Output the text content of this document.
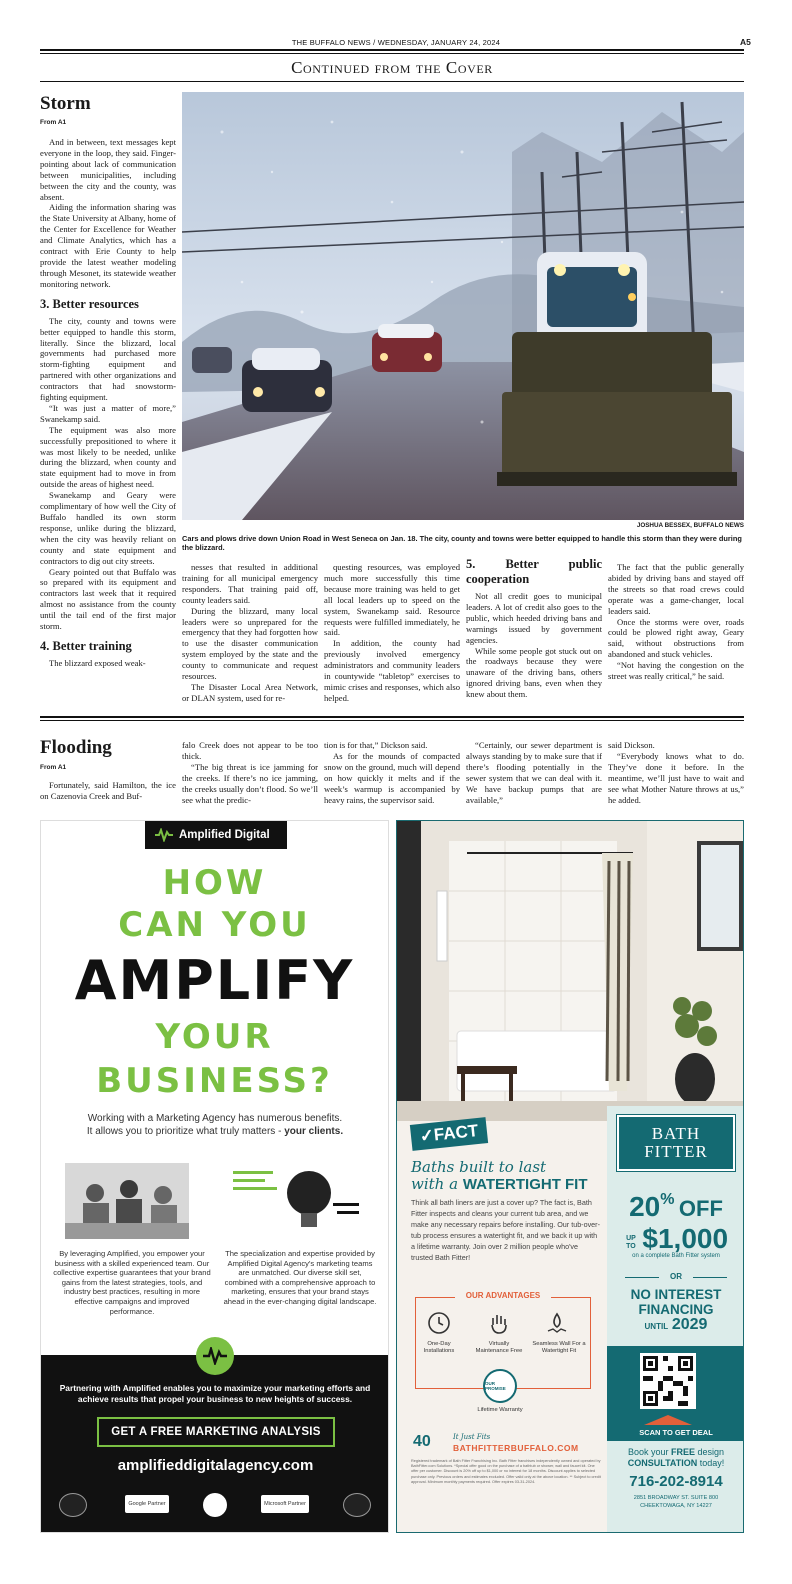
THE BUFFALO NEWS / WEDNESDAY, JANUARY 24, 2024	A5
Continued from the Cover
Storm
From A1

And in between, text messages kept everyone in the loop, they said. Finger-pointing about lack of communication between municipalities, including between the city and the county, was absent.

Aiding the information sharing was the State University at Albany, home of the Center for Excellence for Weather and Climate Analytics, which has a contract with Erie County to help provide the latest weather modeling through Mesonet, its statewide weather monitoring network.

3. Better resources

The city, county and towns were better equipped to handle this storm, literally. Since the blizzard, local governments had purchased more storm-fighting equipment and partnered with other organizations and contractors that had snowstorm-fighting equipment.

“It was just a matter of more,” Swanekamp said.

The equipment was also more successfully prepositioned to where it was most likely to be needed, unlike during the blizzard, when county and state equipment had to move in from outside the areas of highest need.

Swanekamp and Geary were complimentary of how well the City of Buffalo handled its own storm response, unlike during the blizzard, when the city was heavily reliant on county and state equipment and contractors to dig out city streets.

Geary pointed out that Buffalo was so prepared with its equipment and contractors last week that it required almost no assistance from the county until the tail end of the first major storm.

4. Better training

The blizzard exposed weak-

JOSHUA BESSEX, BUFFALO NEWS
Cars and plows drive down Union Road in West Seneca on Jan. 18. The city, county and towns were better equipped to handle this storm than they were during the blizzard.

nesses that resulted in additional training for all municipal emergency responders. That training paid off, county leaders said.

During the blizzard, many local leaders were so unprepared for the emergency that they had forgotten how to use the disaster communication system employed by the state and the county to communicate and request resources.

The Disaster Local Area Network, or DLAN system, used for re-

questing resources, was employed much more successfully this time because more training was held to get all local leaders up to speed on the system, Swanekamp said. Resource requests were fulfilled immediately, he said.

In addition, the county had previously involved emergency administrators and community leaders in countywide “tabletop” exercises to mimic crises and responses, which also helped.

5. Better public cooperation

Not all credit goes to municipal leaders. A lot of credit also goes to the public, which heeded driving bans and warnings issued by government agencies.

While some people got stuck out on the roadways because they were unaware of the driving bans, others ignored driving bans, even when they knew about them.

The fact that the public generally abided by driving bans and stayed off the streets so that road crews could operate was a game-changer, local leaders said.

Once the storms were over, roads could be plowed right away, Geary said, without obstructions from abandoned and stuck vehicles.

“Not having the congestion on the street was really critical,” he said.

Flooding
From A1

Fortunately, said Hamilton, the ice on Cazenovia Creek and Buf-

falo Creek does not appear to be too thick.

“The big threat is ice jamming for the creeks. If there’s no ice jamming, the creeks usually don’t flood. So we’ll see what the predic-

tion is for that,” Dickson said.

As for the mounds of compacted snow on the ground, much will depend on how quickly it melts and if the week’s warmup is accompanied by heavy rains, the supervisor said.

“Certainly, our sewer department is always standing by to make sure that if there’s flooding potentially in the sewer system that we can deal with it. We have backup pumps that are available,”

said Dickson.

“Everybody knows what to do. They’ve done it before. In the meantime, we’ll just have to wait and see what Mother Nature throws at us,” he added.

Amplified Digital
HOW
CAN YOU
AMPLIFY
YOUR
BUSINESS?
Working with a Marketing Agency has numerous benefits. It allows you to prioritize what truly matters - your clients.
By leveraging Amplified, you empower your business with a skilled experienced team. Our collective expertise guarantees that your brand gains from the latest strategies, tools, and industry best practices, resulting in more effective campaigns and improved performance.
The specialization and expertise provided by Amplified Digital Agency's marketing teams are unmatched. Our diverse skill set, combined with a comprehensive approach to marketing, ensures that your brand stays ahead in the ever-changing digital landscape.
Partnering with Amplified enables you to maximize your marketing efforts and achieve results that propel your business to new heights of success.
GET A FREE MARKETING ANALYSIS
amplifieddigitalagency.com
Google Partner	Microsoft Partner
BATH
FITTER
20% OFF
UP TO $1,000
on a complete Bath Fitter system
OR
NO INTEREST
FINANCING
UNTIL 2029
SCAN TO GET DEAL
Book your FREE design
CONSULTATION today!
716-202-8914
2851 BROADWAY ST. SUITE 800
CHEEKTOWAGA, NY 14227
✓FACT
Baths built to last
with a WATERTIGHT FIT
Think all bath liners are just a cover up? The fact is, Bath Fitter inspects and cleans your current tub area, and we make any necessary repairs before installing. Our tub-over-tub process ensures a watertight fit, and we back it up with a lifetime warranty. Join over 2 million people who've trusted Bath Fitter!
OUR ADVANTAGES
One-Day Installations
Virtually Maintenance Free
Seamless Wall For a Watertight Fit
OUR PROMISE
Lifetime Warranty
40	It Just Fits
BATHFITTERBUFFALO.COM
Registered trademark of Bath Fitter Franchising Inc. Bath Fitter franchises independently owned and operated by BathFitter.com Solutions. *Special offer good on the purchase of a bathtub or shower, wall and faucet kit. One offer per customer. Discount is 20% off up to $1,000 or no interest for 18 months. Discount applies to selected purchase only. Previous orders and estimates excluded. Offer valid only at the above location. ** Subject to credit approval. Minimum monthly payments required. Offer expires 03-31-2024.
